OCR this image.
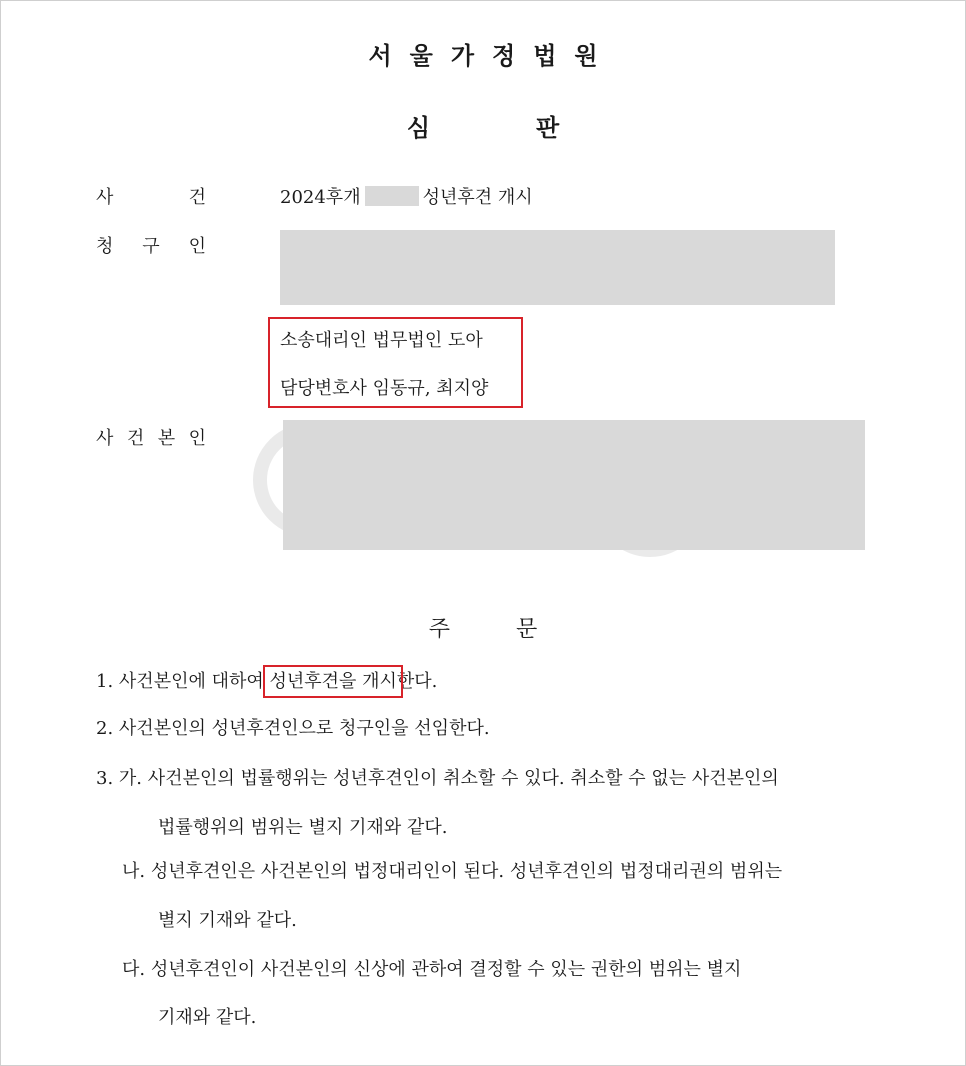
서울가정법원
심	판
사	건	2024후개	성년후견 개시
청 구 인
소송대리인 법무법인 도아
담당변호사 임동규, 최지양
사 건 본 인
주	문
1. 사건본인에 대하여 성년후견을 개시한다.
2. 사건본인의 성년후견인으로 청구인을 선임한다.
3. 가. 사건본인의 법률행위는 성년후견인이 취소할 수 있다. 취소할 수 없는 사건본인의
법률행위의 범위는 별지 기재와 같다.
나. 성년후견인은 사건본인의 법정대리인이 된다. 성년후견인의 법정대리권의 범위는
별지 기재와 같다.
다. 성년후견인이 사건본인의 신상에 관하여 결정할 수 있는 권한의 범위는 별지
기재와 같다.
